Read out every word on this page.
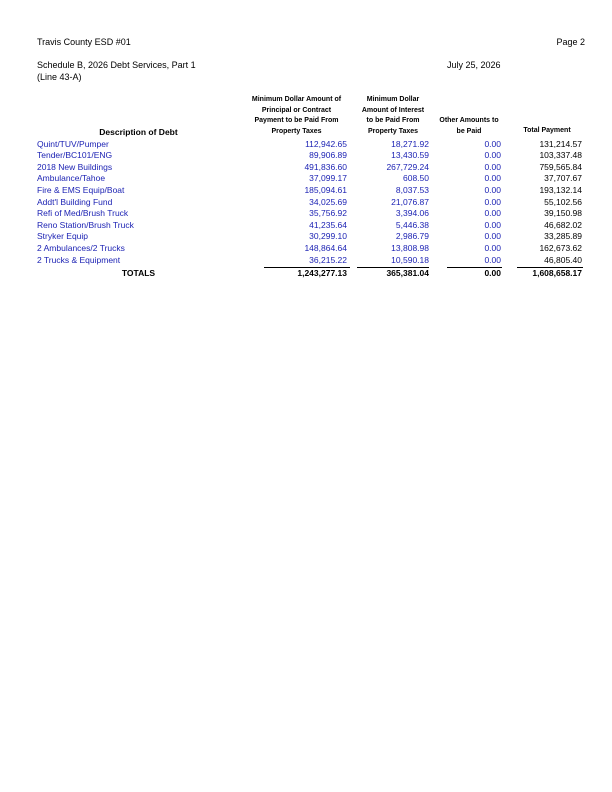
Travis County ESD #01	Page 2
Schedule B, 2026 Debt Services, Part 1
(Line 43-A)
July 25, 2026
Description of Debt
Minimum Dollar Amount of
Principal or Contract
Payment to be Paid From
Property Taxes
Minimum Dollar
Amount of Interest
to be Paid From
Property Taxes
Other Amounts to
be Paid	Total Payment
Quint/TUV/Pumper	112,942.65	18,271.92	0.00	131,214.57
Tender/BC101/ENG	89,906.89	13,430.59	0.00	103,337.48
2018 New Buildings	491,836.60	267,729.24	0.00	759,565.84
Ambulance/Tahoe	37,099.17	608.50	0.00	37,707.67
Fire & EMS Equip/Boat	185,094.61	8,037.53	0.00	193,132.14
Addt'l Building Fund	34,025.69	21,076.87	0.00	55,102.56
Refi of Med/Brush Truck	35,756.92	3,394.06	0.00	39,150.98
Reno Station/Brush Truck	41,235.64	5,446.38	0.00	46,682.02
Stryker Equip	30,299.10	2,986.79	0.00	33,285.89
2 Ambulances/2 Trucks	148,864.64	13,808.98	0.00	162,673.62
2 Trucks & Equipment	36,215.22	10,590.18	0.00	46,805.40
TOTALS	1,243,277.13	365,381.04	0.00	1,608,658.17
